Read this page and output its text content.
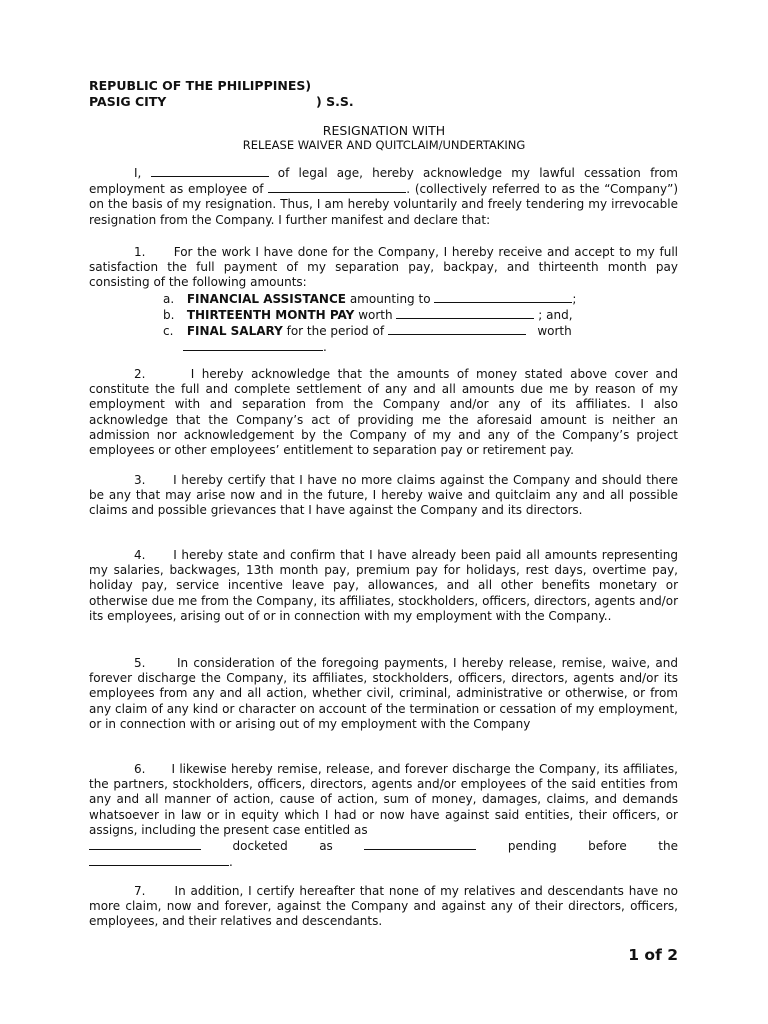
REPUBLIC OF THE PHILIPPINES)
PASIG CITY	) S.S.
RESIGNATION WITH
RELEASE WAIVER AND QUITCLAIM/UNDERTAKING

I,	of legal age, hereby acknowledge my lawful cessation from employment as employee of	. (collectively referred to as the “Company”) on the basis of my resignation. Thus, I am hereby voluntarily and freely tendering my irrevocable resignation from the Company. I further manifest and declare that:

1.      For the work I have done for the Company, I hereby receive and accept to my full satisfaction the full payment of my separation pay, backpay, and thirteenth month pay consisting of the following amounts:

a. FINANCIAL ASSISTANCE amounting to	;
b. THIRTEENTH MONTH PAY worth	; and,
c. FINAL SALARY for the period of	worth
.

2.      I hereby acknowledge that the amounts of money stated above cover and constitute the full and complete settlement of any and all amounts due me by reason of my employment with and separation from the Company and/or any of its affiliates. I also acknowledge that the Company’s act of providing me the aforesaid amount is neither an admission nor acknowledgement by the Company of my and any of the Company’s project employees or other employees’ entitlement to separation pay or retirement pay.

3.      I hereby certify that I have no more claims against the Company and should there be any that may arise now and in the future, I hereby waive and quitclaim any and all possible claims and possible grievances that I have against the Company and its directors.

4.      I hereby state and confirm that I have already been paid all amounts representing my salaries, backwages, 13th month pay, premium pay for holidays, rest days, overtime pay, holiday pay, service incentive leave pay, allowances, and all other benefits monetary or otherwise due me from the Company, its affiliates, stockholders, officers, directors, agents and/or its employees, arising out of or in connection with my employment with the Company..

5.      In consideration of the foregoing payments, I hereby release, remise, waive, and forever discharge the Company, its affiliates, stockholders, officers, directors, agents and/or its employees from any and all action, whether civil, criminal, administrative or otherwise, or from any claim of any kind or character on account of the termination or cessation of my employment, or in connection with or arising out of my employment with the Company

6.      I likewise hereby remise, release, and forever discharge the Company, its affiliates, the partners, stockholders, officers, directors, agents and/or employees of the said entities from any and all manner of action, cause of action, sum of money, damages, claims, and demands whatsoever in law or in equity which I had or now have against said entities, their officers, or assigns, including the present case entitled as

docketed as	pending before the

.

7.      In addition, I certify hereafter that none of my relatives and descendants have no more claim, now and forever, against the Company and against any of their directors, officers, employees, and their relatives and descendants.

1 of 2
